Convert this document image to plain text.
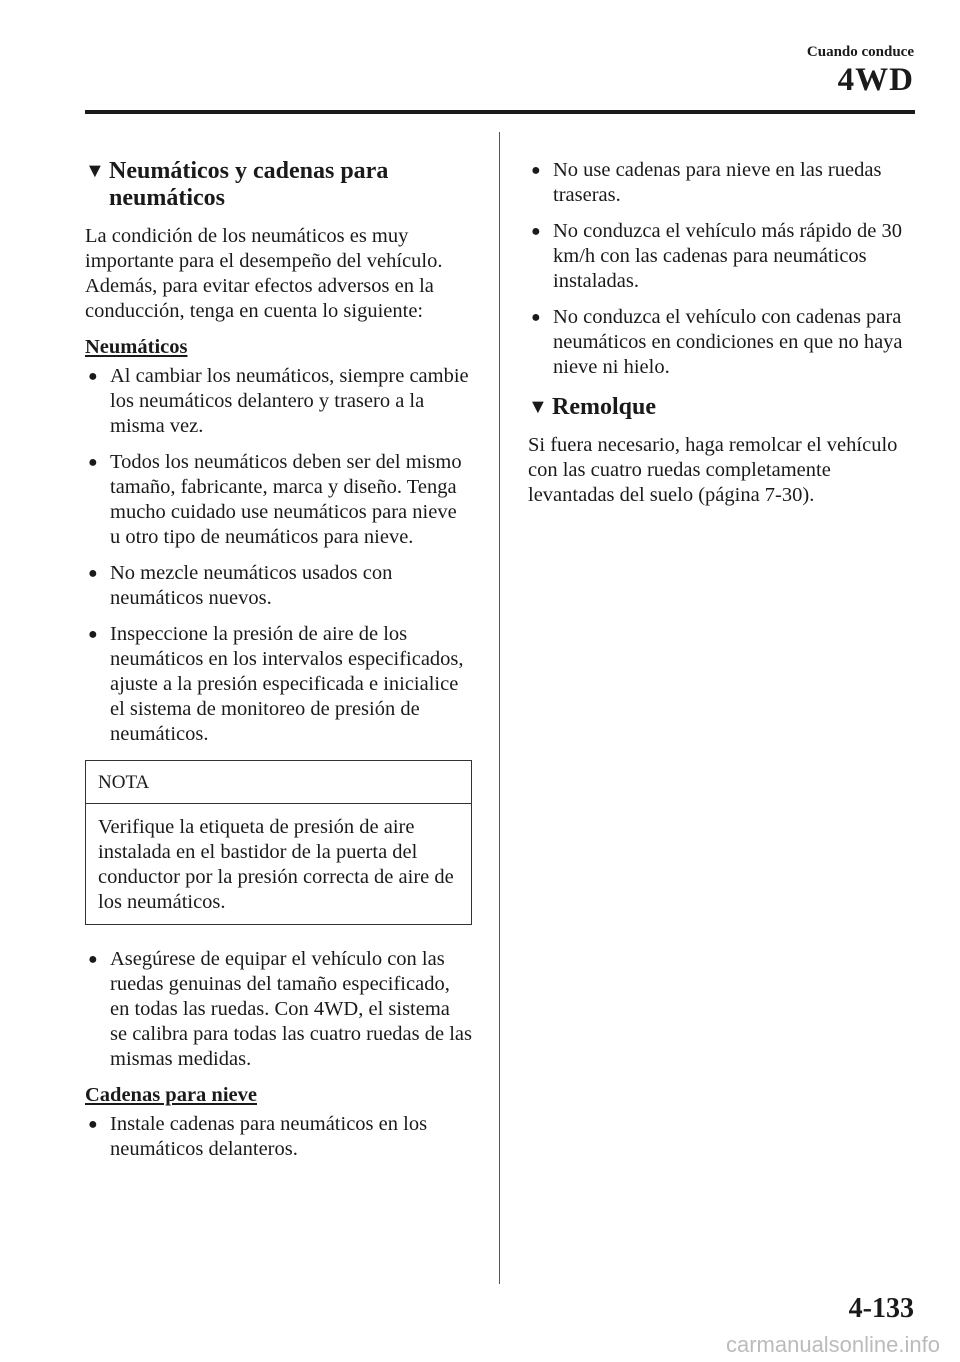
Cuando conduce
4WD
▼ Neumáticos y cadenas para neumáticos

La condición de los neumáticos es muy importante para el desempeño del vehículo. Además, para evitar efectos adversos en la conducción, tenga en cuenta lo siguiente:

Neumáticos
● Al cambiar los neumáticos, siempre cambie los neumáticos delantero y trasero a la misma vez.
● Todos los neumáticos deben ser del mismo tamaño, fabricante, marca y diseño. Tenga mucho cuidado use neumáticos para nieve u otro tipo de neumáticos para nieve.
● No mezcle neumáticos usados con neumáticos nuevos.
● Inspeccione la presión de aire de los neumáticos en los intervalos especificados, ajuste a la presión especificada e inicialice el sistema de monitoreo de presión de neumáticos.
NOTA
Verifique la etiqueta de presión de aire instalada en el bastidor de la puerta del conductor por la presión correcta de aire de los neumáticos.
● Asegúrese de equipar el vehículo con las ruedas genuinas del tamaño especificado, en todas las ruedas. Con 4WD, el sistema se calibra para todas las cuatro ruedas de las mismas medidas.
Cadenas para nieve
● Instale cadenas para neumáticos en los neumáticos delanteros.
● No use cadenas para nieve en las ruedas traseras.
● No conduzca el vehículo más rápido de 30 km/h con las cadenas para neumáticos instaladas.
● No conduzca el vehículo con cadenas para neumáticos en condiciones en que no haya nieve ni hielo.
▼ Remolque

Si fuera necesario, haga remolcar el vehículo con las cuatro ruedas completamente levantadas del suelo (página 7-30).

4-133
carmanualsonline.info
